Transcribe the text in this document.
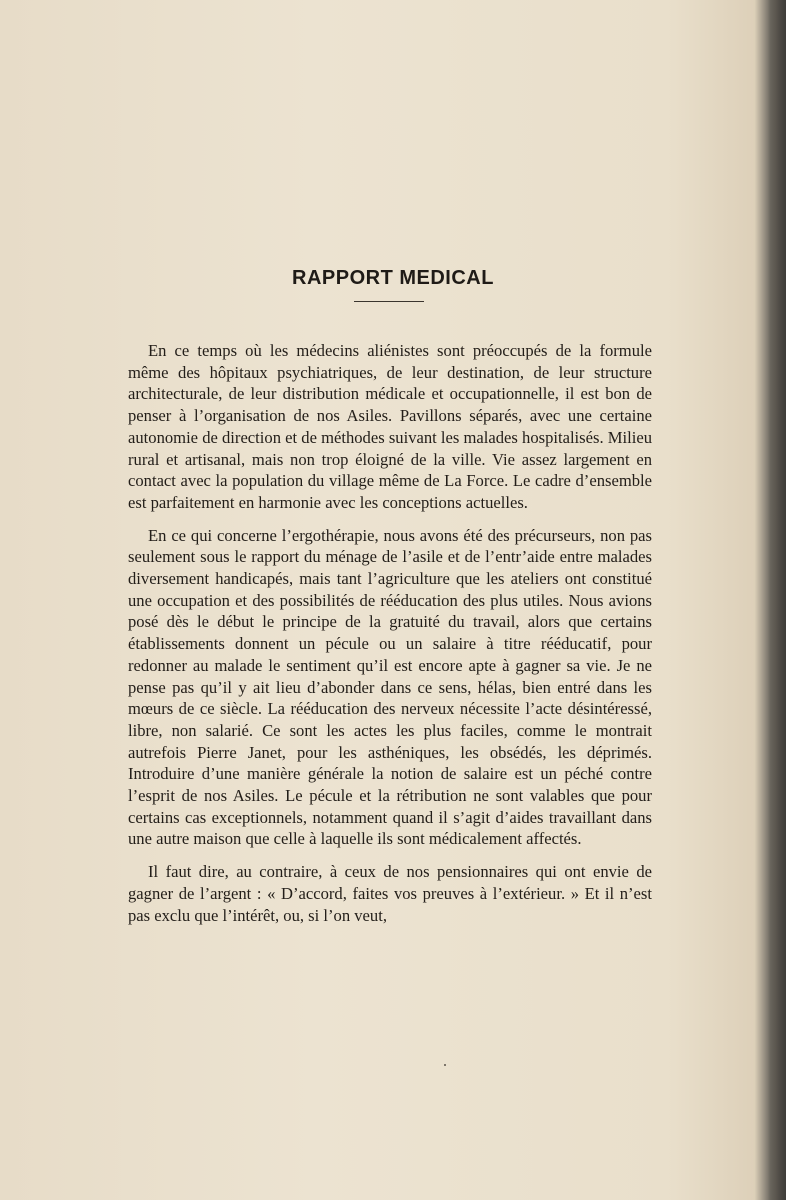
RAPPORT MEDICAL

En ce temps où les médecins aliénistes sont préoccupés de la formule même des hôpitaux psychiatriques, de leur destination, de leur structure architecturale, de leur distribution médicale et occupationnelle, il est bon de penser à l’organisation de nos Asiles. Pavillons séparés, avec une certaine autonomie de direction et de méthodes suivant les malades hospitalisés. Milieu rural et artisanal, mais non trop éloigné de la ville. Vie assez largement en contact avec la population du village même de La Force. Le cadre d’ensemble est parfaitement en harmonie avec les conceptions actuelles.

En ce qui concerne l’ergothérapie, nous avons été des précurseurs, non pas seulement sous le rapport du ménage de l’asile et de l’entr’aide entre malades diversement handicapés, mais tant l’agriculture que les ateliers ont constitué une occupation et des possibilités de rééducation des plus utiles. Nous avions posé dès le début le principe de la gratuité du travail, alors que certains établissements donnent un pécule ou un salaire à titre rééducatif, pour redonner au malade le sentiment qu’il est encore apte à gagner sa vie. Je ne pense pas qu’il y ait lieu d’abonder dans ce sens, hélas, bien entré dans les mœurs de ce siècle. La rééducation des nerveux nécessite l’acte désintéressé, libre, non salarié. Ce sont les actes les plus faciles, comme le montrait autrefois Pierre Janet, pour les asthéniques, les obsédés, les déprimés. Introduire d’une manière générale la notion de salaire est un péché contre l’esprit de nos Asiles. Le pécule et la rétribution ne sont valables que pour certains cas exceptionnels, notamment quand il s’agit d’aides travaillant dans une autre maison que celle à laquelle ils sont médicalement affectés.

Il faut dire, au contraire, à ceux de nos pensionnaires qui ont envie de gagner de l’argent : « D’accord, faites vos preuves à l’extérieur. » Et il n’est pas exclu que l’intérêt, ou, si l’on veut,
